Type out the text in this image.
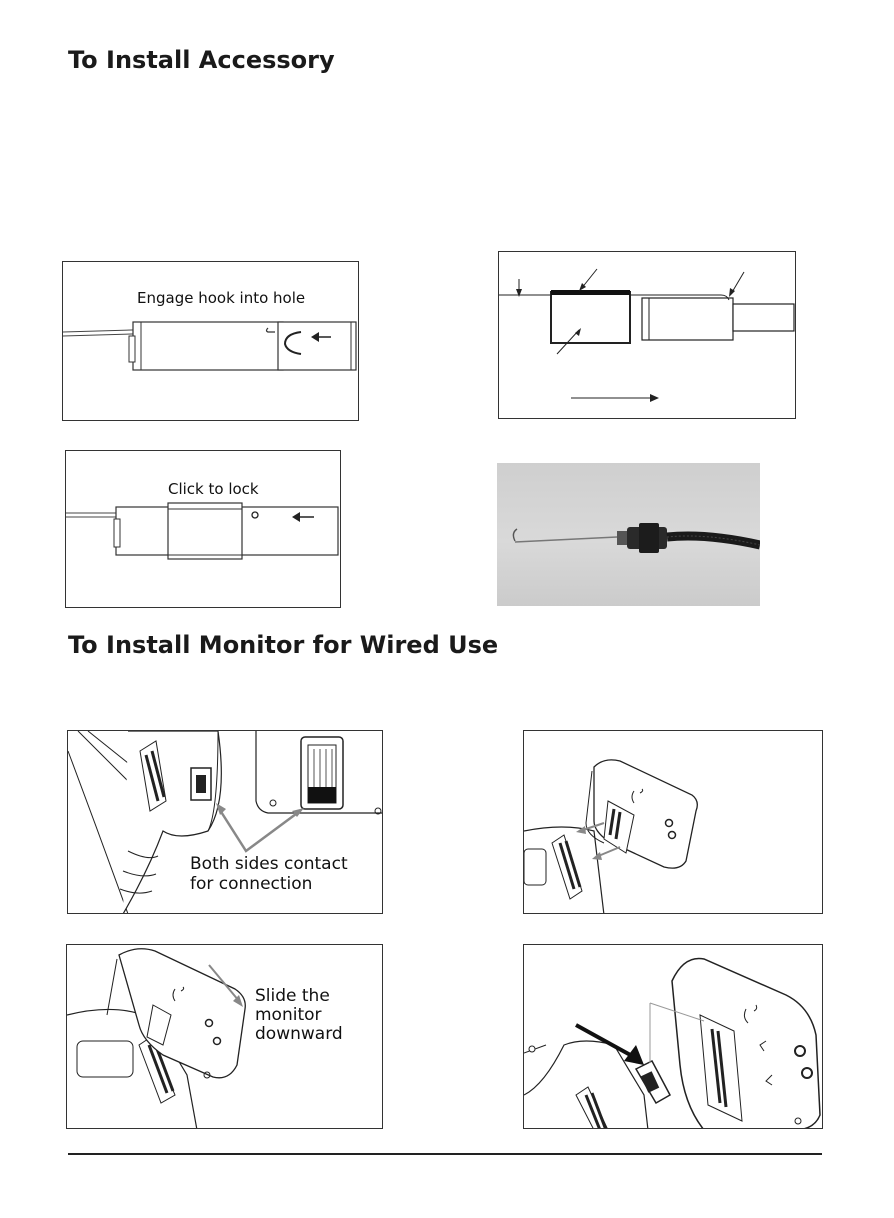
To Install Accessory
Engage hook into hole
Click to lock
To Install Monitor for Wired Use
Both sides contact
for connection
Slide the
monitor
downward
